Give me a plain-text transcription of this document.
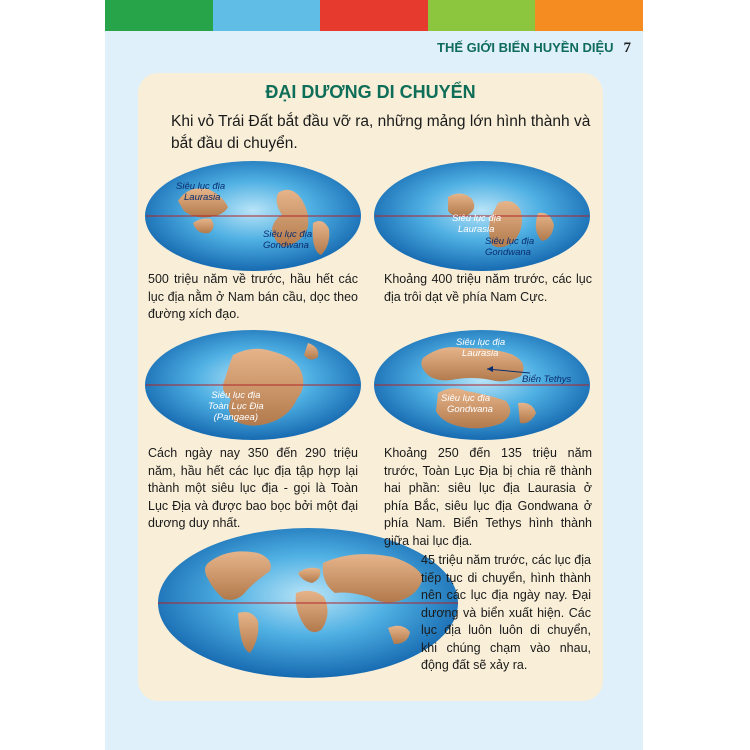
THẾ GIỚI BIỂN HUYỀN DIỆU 7
ĐẠI DƯƠNG DI CHUYỂN
Khi vỏ Trái Đất bắt đầu vỡ ra, những mảng lớn hình thành và bắt đầu di chuyển.
Siêu lục địa
Laurasia
Siêu lục địa
Gondwana
Siêu lục địa
Laurasia
Siêu lục địa
Gondwana
Siêu lục địa
Toàn Lục Địa
(Pangaea)
Siêu lục địa
Laurasia
Biển Tethys
Siêu lục địa
Gondwana
500 triệu năm về trước, hầu hết các lục địa nằm ở Nam bán cầu, dọc theo đường xích đạo.
Khoảng 400 triệu năm trước, các lục địa trôi dạt về phía Nam Cực.
Cách ngày nay 350 đến 290 triệu năm, hầu hết các lục địa tập hợp lại thành một siêu lục địa - gọi là Toàn Lục Địa và được bao bọc bởi một đại dương duy nhất.
Khoảng 250 đến 135 triệu năm trước, Toàn Lục Địa bị chia rẽ thành hai phần: siêu lục địa Laurasia ở phía Bắc, siêu lục địa Gondwana ở phía Nam. Biển Tethys hình thành giữa hai lục địa.
45 triệu năm trước, các lục địa tiếp tục di chuyển, hình thành nên các lục địa ngày nay. Đại dương và biển xuất hiện. Các lục địa luôn luôn di chuyển, khi chúng chạm vào nhau, động đất sẽ xảy ra.
